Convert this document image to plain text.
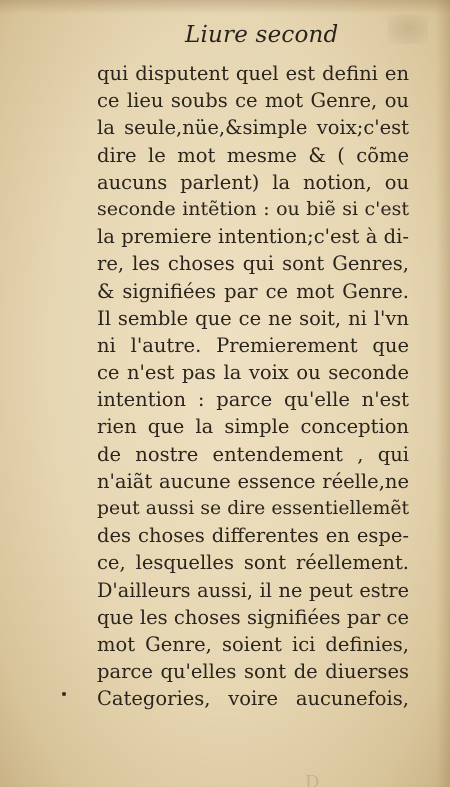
Liure second
qui disputent quel est defini en
ce lieu soubs ce mot Genre, ou
la seule,nüe,&simple voix;c'est
dire le mot mesme & ( cõme
aucuns parlent) la notion, ou
seconde intẽtion : ou biẽ si c'est
la premiere intention;c'est à di-
re, les choses qui sont Genres,
& signifiées par ce mot Genre.
Il semble que ce ne soit, ni l'vn
ni l'autre. Premierement que
ce n'est pas la voix ou seconde
intention : parce qu'elle n'est
rien que la simple conception
de nostre entendement , qui
n'aiãt aucune essence réelle,ne
peut aussi se dire essentiellemẽt
des choses differentes en espe-
ce, lesquelles sont réellement.
D'ailleurs aussi, il ne peut estre
que les choses signifiées par ce
mot Genre, soient ici definies,
parce qu'elles sont de diuerses
Categories, voire aucunefois,
D
